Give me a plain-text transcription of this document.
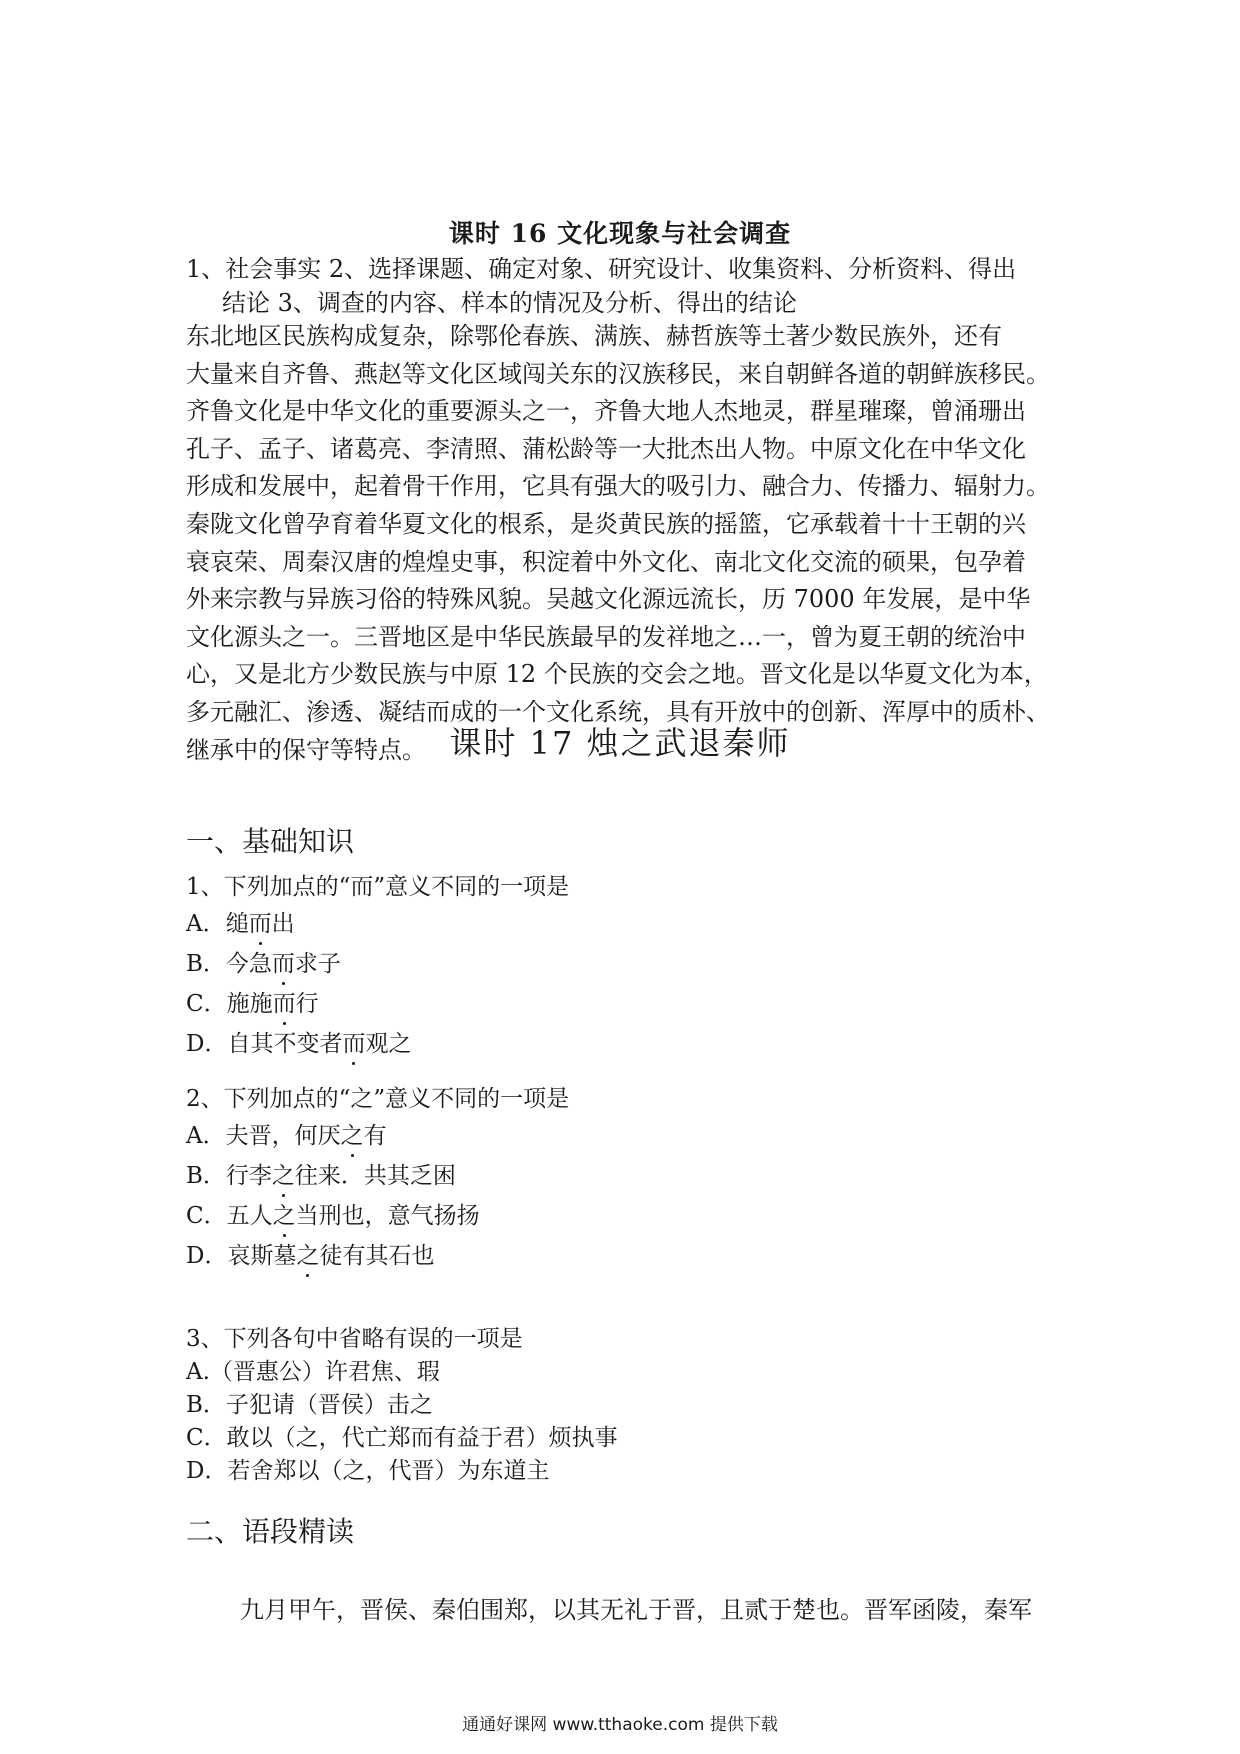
课时 16 文化现象与社会调查
1、社会事实 2、选择课题、确定对象、研究设计、收集资料、分析资料、得出
结论 3、调查的内容、样本的情况及分析、得出的结论
东北地区民族构成复杂，除鄂伦春族、满族、赫哲族等土著少数民族外，还有
大量来自齐鲁、燕赵等文化区域闯关东的汉族移民，来自朝鲜各道的朝鲜族移民。
齐鲁文化是中华文化的重要源头之一，齐鲁大地人杰地灵，群星璀璨，曾涌珊出
孔子、孟子、诸葛亮、李清照、蒲松龄等一大批杰出人物。中原文化在中华文化
形成和发展中，起着骨干作用，它具有强大的吸引力、融合力、传播力、辐射力。
秦陇文化曾孕育着华夏文化的根系，是炎黄民族的摇篮，它承载着十十王朝的兴
衰哀荣、周秦汉唐的煌煌史事，积淀着中外文化、南北文化交流的硕果，包孕着
外来宗教与异族习俗的特殊风貌。吴越文化源远流长，历 7000 年发展，是中华
文化源头之一。三晋地区是中华民族最早的发祥地之…一，曾为夏王朝的统治中
心，又是北方少数民族与中原 12 个民族的交会之地。晋文化是以华夏文化为本，
多元融汇、渗透、凝结而成的一个文化系统，具有开放中的创新、浑厚中的质朴、
继承中的保守等特点。 课时 17 烛之武退秦师
一、基础知识
1、下列加点的“而”意义不同的一项是
A．缒而出
B．今急而求子
C．施施而行
D．自其不变者而观之
2、下列加点的“之”意义不同的一项是
A．夫晋，何厌之有
B．行李之往来．共其乏困
C．五人之当刑也，意气扬扬
D．哀斯墓之徒有其石也
3、下列各句中省略有误的一项是
A.（晋惠公）许君焦、瑕
B．子犯请（晋侯）击之
C．敢以（之，代亡郑而有益于君）烦执事
D．若舍郑以（之，代晋）为东道主
二、语段精读
九月甲午，晋侯、秦伯围郑，以其无礼于晋，且贰于楚也。晋军函陵，秦军
通通好课网 www.tthaoke.com 提供下载
